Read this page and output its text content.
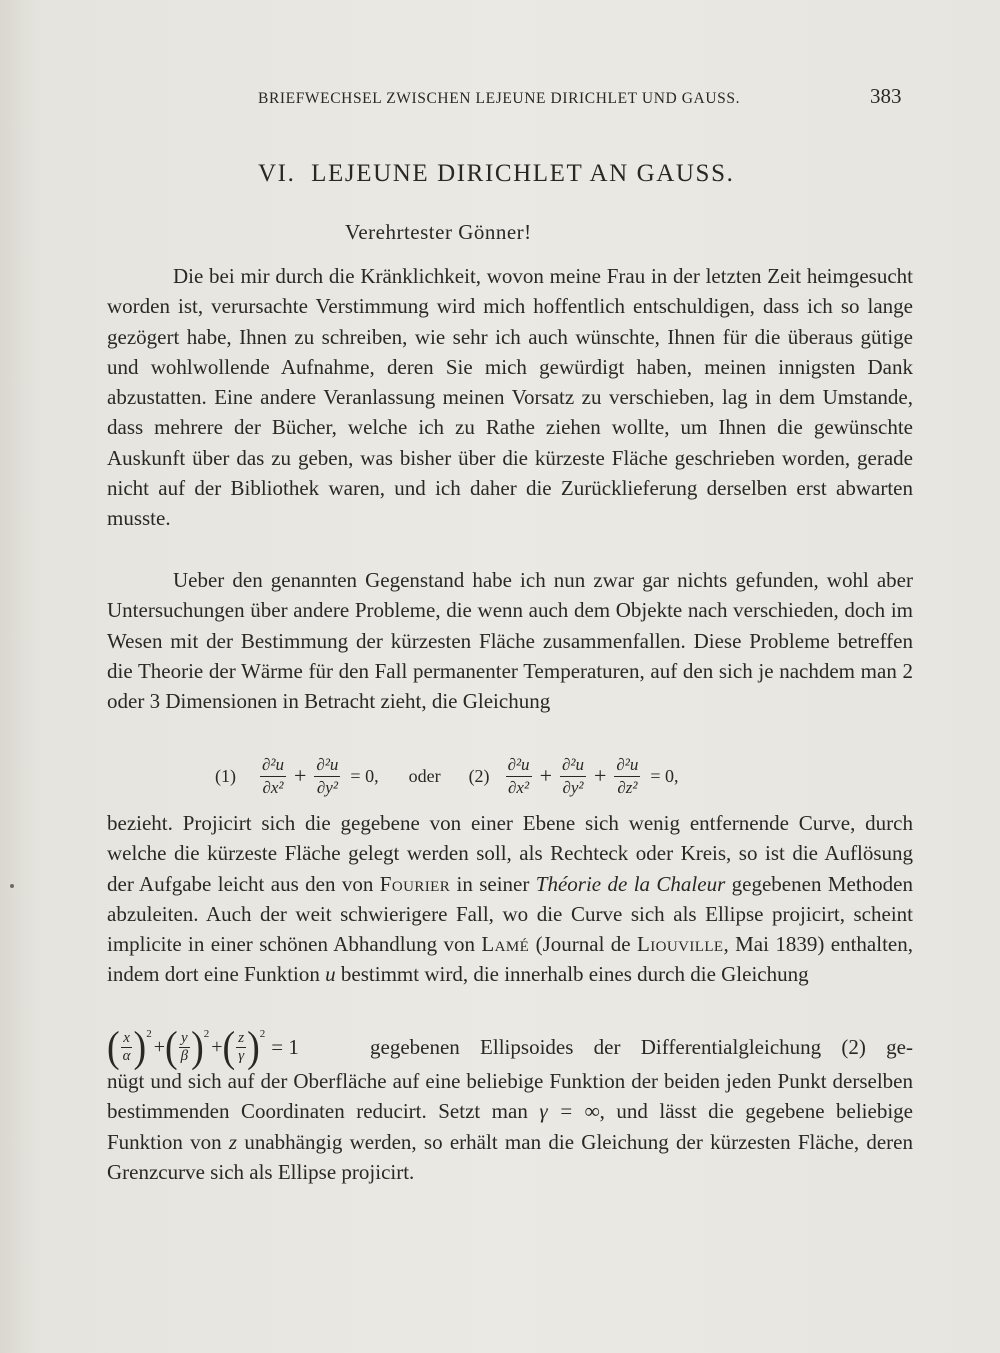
BRIEFWECHSEL ZWISCHEN LEJEUNE DIRICHLET UND GAUSS.	383
VI.  LEJEUNE DIRICHLET AN GAUSS.
Verehrtester Gönner!

Die bei mir durch die Kränklichkeit, wovon meine Frau in der letzten Zeit heimgesucht worden ist, verursachte Verstimmung wird mich hoffentlich entschuldigen, dass ich so lange gezögert habe, Ihnen zu schreiben, wie sehr ich auch wünschte, Ihnen für die überaus gütige und wohlwollende Aufnahme, deren Sie mich gewürdigt haben, meinen innigsten Dank abzustatten. Eine andere Veranlassung meinen Vorsatz zu verschieben, lag in dem Umstande, dass mehrere der Bücher, welche ich zu Rathe ziehen wollte, um Ihnen die gewünschte Auskunft über das zu geben, was bisher über die kürzeste Fläche geschrieben worden, gerade nicht auf der Bibliothek waren, und ich daher die Zurücklieferung derselben erst abwarten musste.

Ueber den genannten Gegenstand habe ich nun zwar gar nichts gefunden, wohl aber Untersuchungen über andere Probleme, die wenn auch dem Objekte nach verschieden, doch im Wesen mit der Bestimmung der kürzesten Fläche zusammenfallen. Diese Probleme betreffen die Theorie der Wärme für den Fall permanenter Temperaturen, auf den sich je nachdem man 2 oder 3 Dimensionen in Betracht zieht, die Gleichung

$(1) \frac{\text{∂²u}}{\text{∂x²}} + \frac{\text{∂²u}}{\text{∂y²}} = 0$, oder $(2) \frac{\text{∂²u}}{\text{∂x²}} + \frac{\text{∂²u}}{\text{∂y²}} + \frac{\text{∂²u}}{\text{∂z²}} = 0$,

bezieht. Projicirt sich die gegebene von einer Ebene sich wenig entfernende Curve, durch welche die kürzeste Fläche gelegt werden soll, als Rechteck oder Kreis, so ist die Auflösung der Aufgabe leicht aus den von Fourier in seiner Théorie de la Chaleur gegebenen Methoden abzuleiten. Auch der weit schwierigere Fall, wo die Curve sich als Ellipse projicirt, scheint implicite in einer schönen Abhandlung von Lamé (Journal de Liouville, Mai 1839) enthalten, indem dort eine Funktion u bestimmt wird, die innerhalb eines durch die Gleichung

( $\frac{x}{\alpha}$ ) 2
+ ( $\frac{y}{\beta}$ ) 2
+ ( $\frac{z}{\gamma}$ ) 2
= 1	gegebenen Ellipsoides der Differentialgleichung (2) ge-

nügt und sich auf der Oberfläche auf eine beliebige Funktion der beiden jeden Punkt derselben bestimmenden Coordinaten reducirt. Setzt man γ = ∞, und lässt die gegebene beliebige Funktion von z unabhängig werden, so erhält man die Gleichung der kürzesten Fläche, deren Grenzcurve sich als Ellipse projicirt.
